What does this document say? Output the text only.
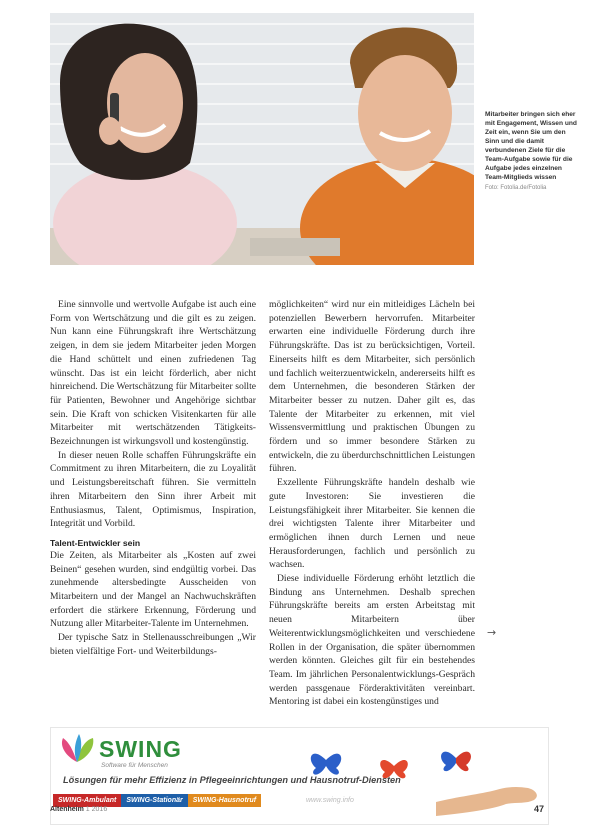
Mitarbeiter bringen sich eher mit Engagement, Wissen und Zeit ein, wenn Sie um den Sinn und die damit verbundenen Ziele für die Team-Aufgabe sowie für die Aufgabe jedes einzelnen Team-Mitglieds wissen
Foto: Fotolia.de/Fotolia

Eine sinnvolle und wertvolle Aufgabe ist auch eine Form von Wertschätzung und die gilt es zu zeigen. Nun kann eine Führungskraft ihre Wertschätzung zeigen, in dem sie jedem Mitarbeiter jeden Morgen die Hand schüttelt und einen zufriedenen Tag wünscht. Das ist ein leicht förderlich, aber nicht hinreichend. Die Wertschätzung für Mitarbeiter sollte für Patienten, Bewohner und Angehörige sichtbar sein. Die Kraft von schicken Visitenkarten für alle Mitarbeiter mit wertschätzenden Tätigkeits-Bezeichnungen ist wirkungsvoll und kostengünstig.

In dieser neuen Rolle schaffen Führungskräfte ein Commitment zu ihren Mitarbeitern, die zu Loyalität und Leistungsbereitschaft führen. Sie vermitteln ihren Mitarbeitern den Sinn ihrer Arbeit mit Enthusiasmus, Talent, Optimismus, Inspiration, Integrität und Vorbild.

Talent-Entwickler sein

Die Zeiten, als Mitarbeiter als „Kosten auf zwei Beinen“ gesehen wurden, sind endgültig vorbei. Das zunehmende altersbedingte Ausscheiden von Mitarbeitern und der Mangel an Nachwuchskräften erfordert die stärkere Erkennung, Förderung und Nutzung aller Mitarbeiter-Talente im Unternehmen.

Der typische Satz in Stellenausschreibungen „Wir bieten vielfältige Fort- und Weiterbildungs-

möglichkeiten“ wird nur ein mitleidiges Lächeln bei potenziellen Bewerbern hervorrufen. Mitarbeiter erwarten eine individuelle Förderung durch ihre Führungskräfte. Das ist zu berücksichtigen, Vorteil. Einerseits hilft es dem Mitarbeiter, sich persönlich und fachlich weiterzuentwickeln, andererseits hilft es dem Unternehmen, die besonderen Stärken der Mitarbeiter besser zu nutzen. Daher gilt es, das Talente der Mitarbeiter zu erkennen, mit viel Wissensvermittlung und praktischen Übungen zu fördern und so immer besondere Stärken zu entwickeln, die zu überdurchschnittlichen Leistungen führen.

Exzellente Führungskräfte handeln deshalb wie gute Investoren: Sie investieren die Leistungsfähigkeit ihrer Mitarbeiter. Sie kennen die drei wichtigsten Talente ihrer Mitarbeiter und ermöglichen ihnen durch Lernen und neue Herausforderungen, fachlich und persönlich zu wachsen.

Diese individuelle Förderung erhöht letztlich die Bindung ans Unternehmen. Deshalb sprechen Führungskräfte bereits am ersten Arbeitstag mit neuen Mitarbeitern über Weiterentwicklungsmöglichkeiten und verschiedene Rollen in der Organisation, die später übernommen werden könnten. Gleiches gilt für ein bestehendes Team. Im jährlichen Personalentwicklungs-Gespräch werden passgenaue Förderaktivitäten vereinbart. Mentoring ist dabei ein kostengünstiges und

→
SWING
Software für Menschen
Lösungen für mehr Effizienz in Pflegeeinrichtungen und Hausnotruf-Diensten
SWING-Ambulant	SWING-Stationär	SWING-Hausnotruf	www.swing.info
Altenheim 1 2016	47
